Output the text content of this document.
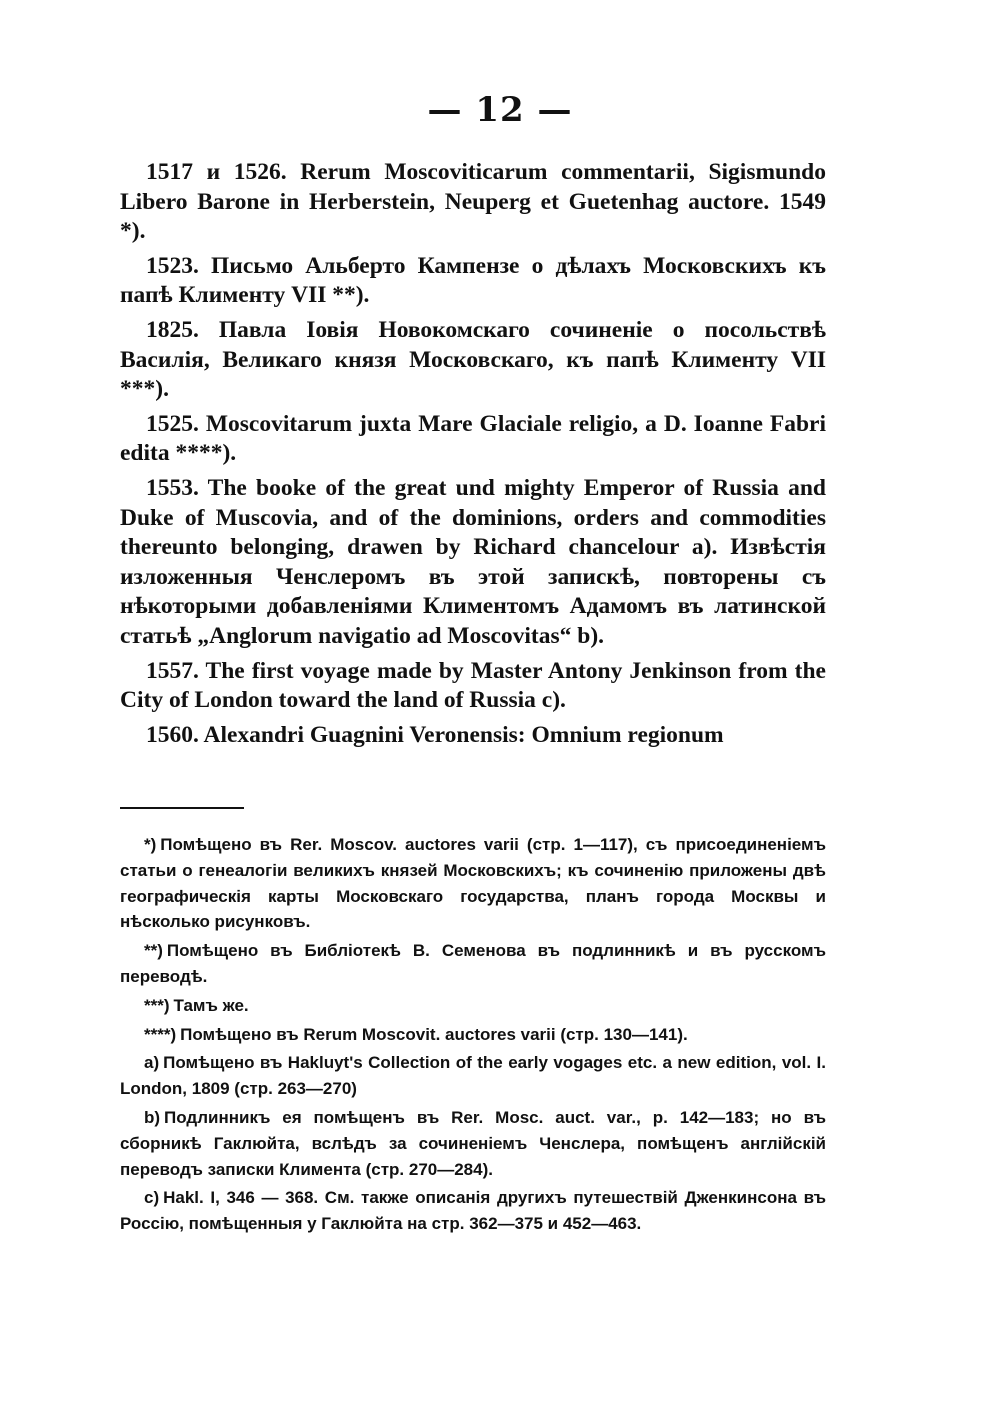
— 12 —

1517 и 1526. Rerum Moscoviticarum commentarii, Sigismundo Libero Barone in Herberstein, Neuperg et Guetenhag auctore. 1549 *).

1523. Письмо Альберто Кампензе о дѣлахъ Московскихъ къ папѣ Клименту VII **).

1825. Павла Іовія Новокомскаго сочиненіе о посольствѣ Василія, Великаго князя Московскаго, къ папѣ Клименту VII ***).

1525. Moscovitarum juxta Mare Glaciale religio, a D. Ioanne Fabri edita ****).

1553. The booke of the great und mighty Emperor of Russia and Duke of Muscovia, and of the dominions, orders and commodities thereunto belonging, drawen by Richard chancelour a). Извѣстія изложенныя Ченслеромъ въ этой запискѣ, повторены съ нѣкоторыми добавленіями Климентомъ Адамомъ въ латинской статьѣ „Anglorum navigatio ad Moscovitas“ b).

1557. The first voyage made by Master Antony Jenkinson from the City of London toward the land of Russia c).

1560. Alexandri Guagnini Veronensis: Omnium regionum

*) Помѣщено въ Rer. Moscov. auctores varii (стр. 1—117), съ присоединеніемъ статьи о генеалогіи великихъ князей Московскихъ; къ сочиненію приложены двѣ географическія карты Московскаго государства, планъ города Москвы и нѣсколько рисунковъ.

**) Помѣщено въ Библіотекѣ В. Семенова въ подлинникѣ и въ русскомъ переводѣ.

***) Тамъ же.

****) Помѣщено въ Rerum Moscovit. auctores varii (стр. 130—141).

a) Помѣщено въ Hakluyt's Collection of the early vogages etc. a new edition, vol. I. London, 1809 (стр. 263—270)

b) Подлинникъ ея помѣщенъ въ Rer. Mosc. auct. var., p. 142—183; но въ сборникѣ Гаклюйта, вслѣдъ за сочиненіемъ Ченслера, помѣщенъ англійскій переводъ записки Климента (стр. 270—284).

c) Hakl. I, 346 — 368. См. также описанія другихъ путешествій Дженкинсона въ Россію, помѣщенныя у Гаклюйта на стр. 362—375 и 452—463.
